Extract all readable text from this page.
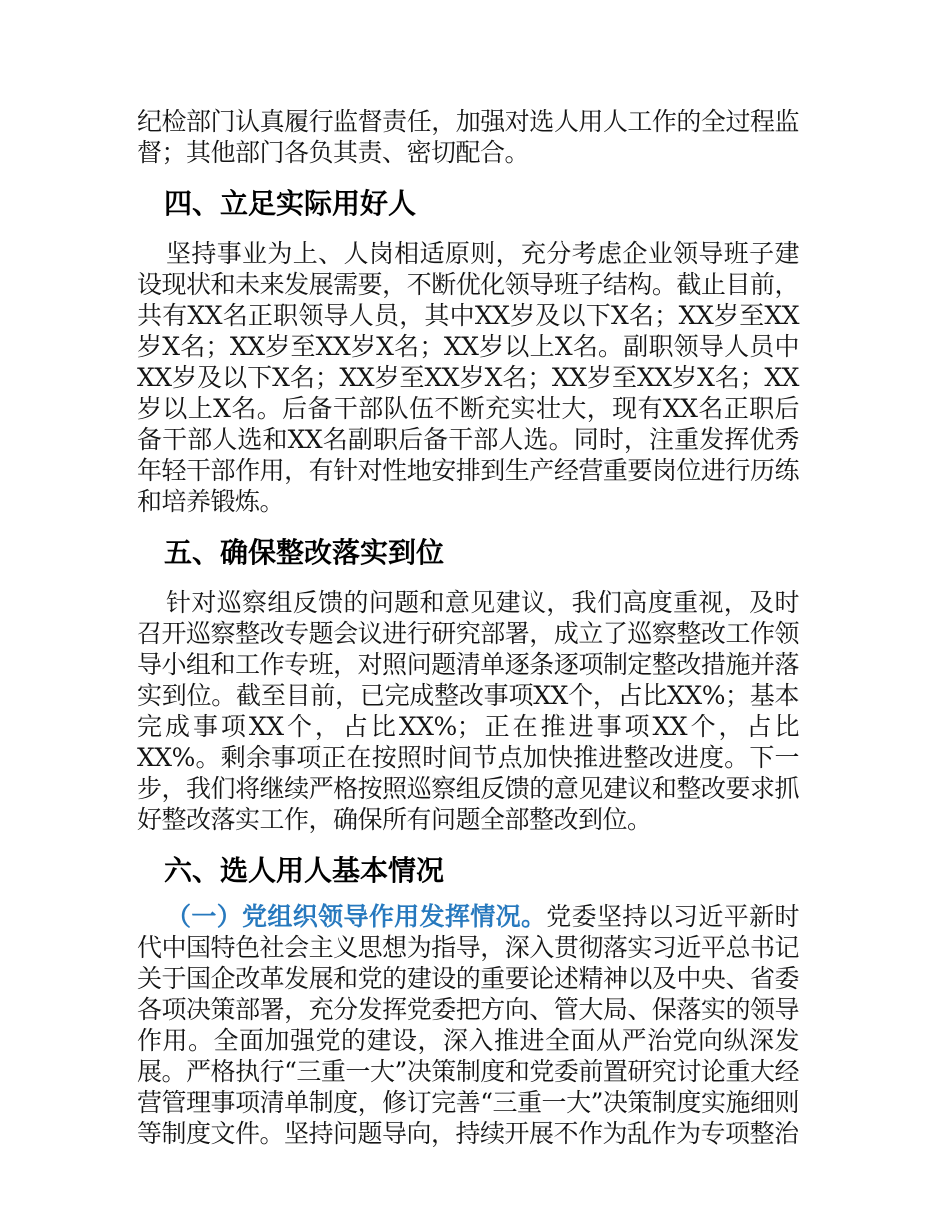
纪检部门认真履行监督责任，加强对选人用人工作的全过程监督；其他部门各负其责、密切配合。

四、立足实际用好人

坚持事业为上、人岗相适原则，充分考虑企业领导班子建设现状和未来发展需要，不断优化领导班子结构。截止目前，共有XX名正职领导人员，其中XX岁及以下X名；XX岁至XX岁X名；XX岁至XX岁X名；XX岁以上X名。副职领导人员中XX岁及以下X名；XX岁至XX岁X名；XX岁至XX岁X名；XX岁以上X名。后备干部队伍不断充实壮大，现有XX名正职后备干部人选和XX名副职后备干部人选。同时，注重发挥优秀年轻干部作用，有针对性地安排到生产经营重要岗位进行历练和培养锻炼。

五、确保整改落实到位

针对巡察组反馈的问题和意见建议，我们高度重视，及时召开巡察整改专题会议进行研究部署，成立了巡察整改工作领导小组和工作专班，对照问题清单逐条逐项制定整改措施并落实到位。截至目前，已完成整改事项XX个，占比XX%；基本完成事项XX个，占比XX%；正在推进事项XX个，占比XX%。剩余事项正在按照时间节点加快推进整改进度。下一步，我们将继续严格按照巡察组反馈的意见建议和整改要求抓好整改落实工作，确保所有问题全部整改到位。

六、选人用人基本情况

（一）党组织领导作用发挥情况。党委坚持以习近平新时代中国特色社会主义思想为指导，深入贯彻落实习近平总书记关于国企改革发展和党的建设的重要论述精神以及中央、省委各项决策部署，充分发挥党委把方向、管大局、保落实的领导作用。全面加强党的建设，深入推进全面从严治党向纵深发展。严格执行“三重一大”决策制度和党委前置研究讨论重大经营管理事项清单制度，修订完善“三重一大”决策制度实施细则等制度文件。坚持问题导向，持续开展不作为乱作为专项整治
